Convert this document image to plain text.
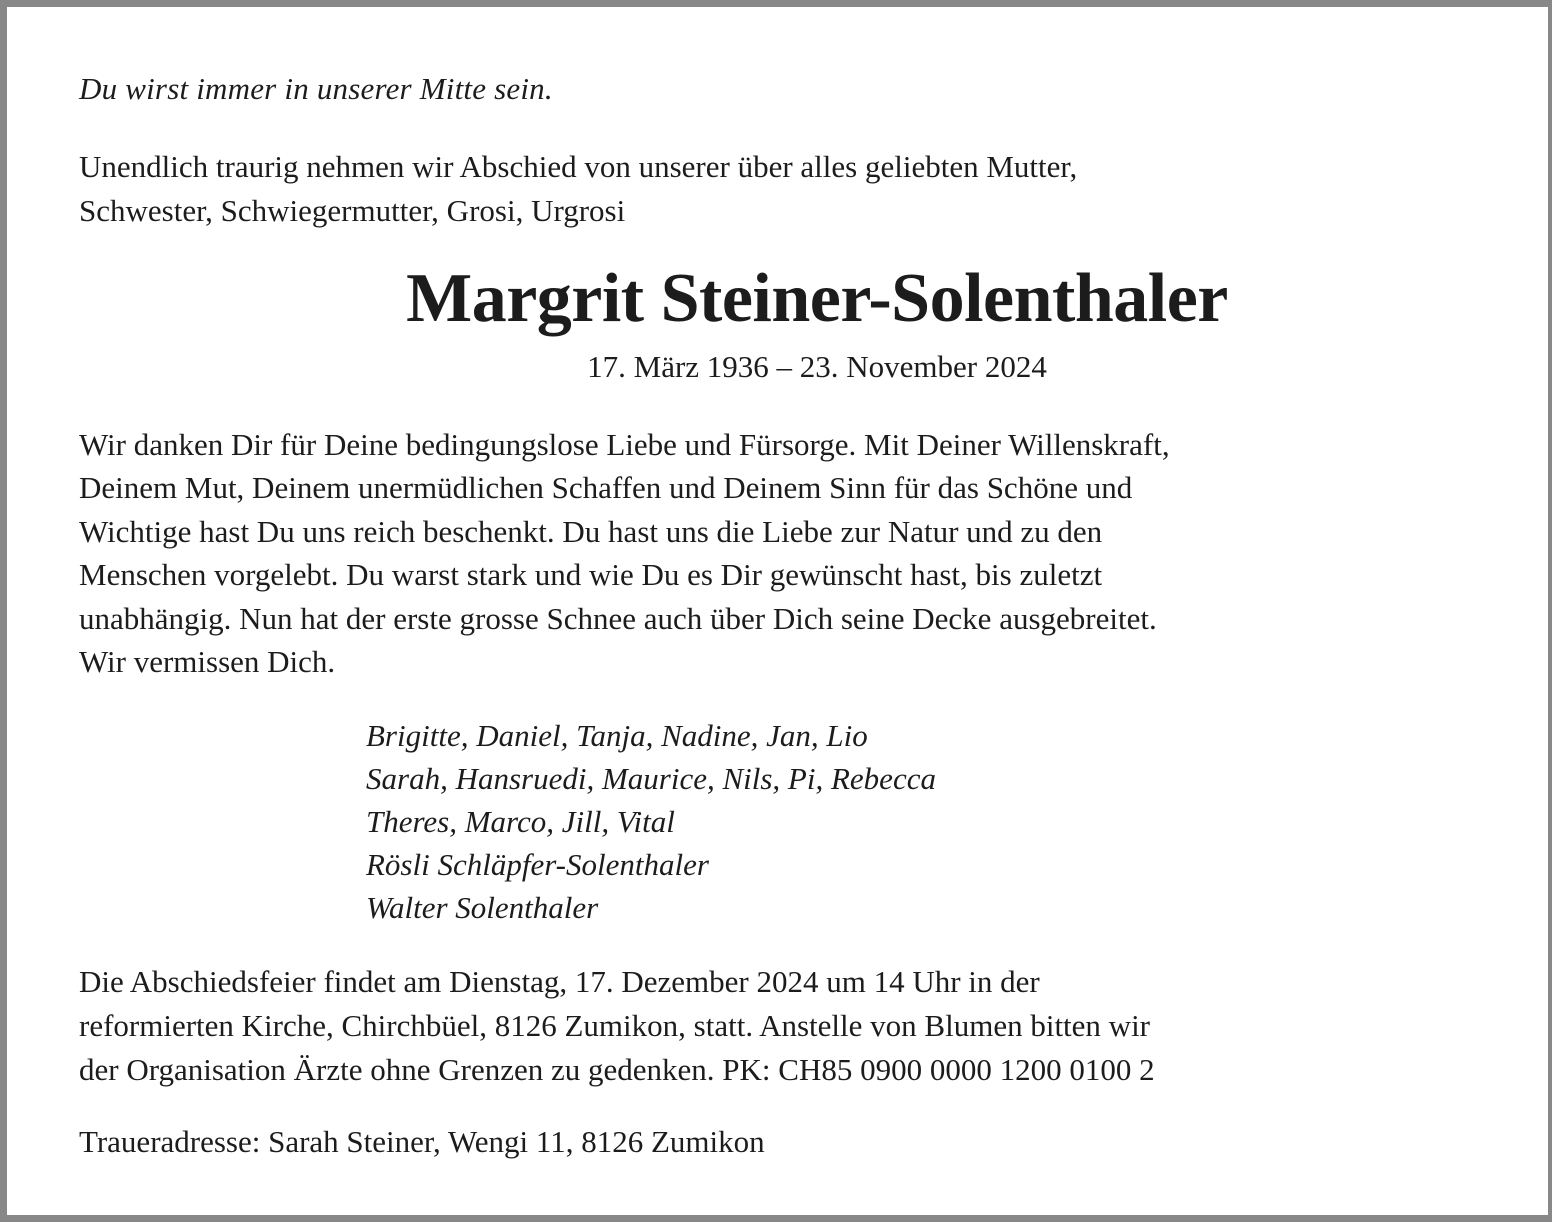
Du wirst immer in unserer Mitte sein.
Unendlich traurig nehmen wir Abschied von unserer über alles geliebten Mutter,
Schwester, Schwiegermutter, Grosi, Urgrosi
Margrit Steiner-Solenthaler
17. März 1936 – 23. November 2024
Wir danken Dir für Deine bedingungslose Liebe und Fürsorge. Mit Deiner Willenskraft,
Deinem Mut, Deinem unermüdlichen Schaffen und Deinem Sinn für das Schöne und
Wichtige hast Du uns reich beschenkt. Du hast uns die Liebe zur Natur und zu den
Menschen vorgelebt. Du warst stark und wie Du es Dir gewünscht hast, bis zuletzt
unabhängig. Nun hat der erste grosse Schnee auch über Dich seine Decke ausgebreitet.
Wir vermissen Dich.
Brigitte, Daniel, Tanja, Nadine, Jan, Lio
Sarah, Hansruedi, Maurice, Nils, Pi, Rebecca
Theres, Marco, Jill, Vital
Rösli Schläpfer-Solenthaler
Walter Solenthaler
Die Abschiedsfeier findet am Dienstag, 17. Dezember 2024 um 14 Uhr in der
reformierten Kirche, Chirchbüel, 8126 Zumikon, statt. Anstelle von Blumen bitten wir
der Organisation Ärzte ohne Grenzen zu gedenken. PK: CH85 0900 0000 1200 0100 2
Traueradresse: Sarah Steiner, Wengi 11, 8126 Zumikon
